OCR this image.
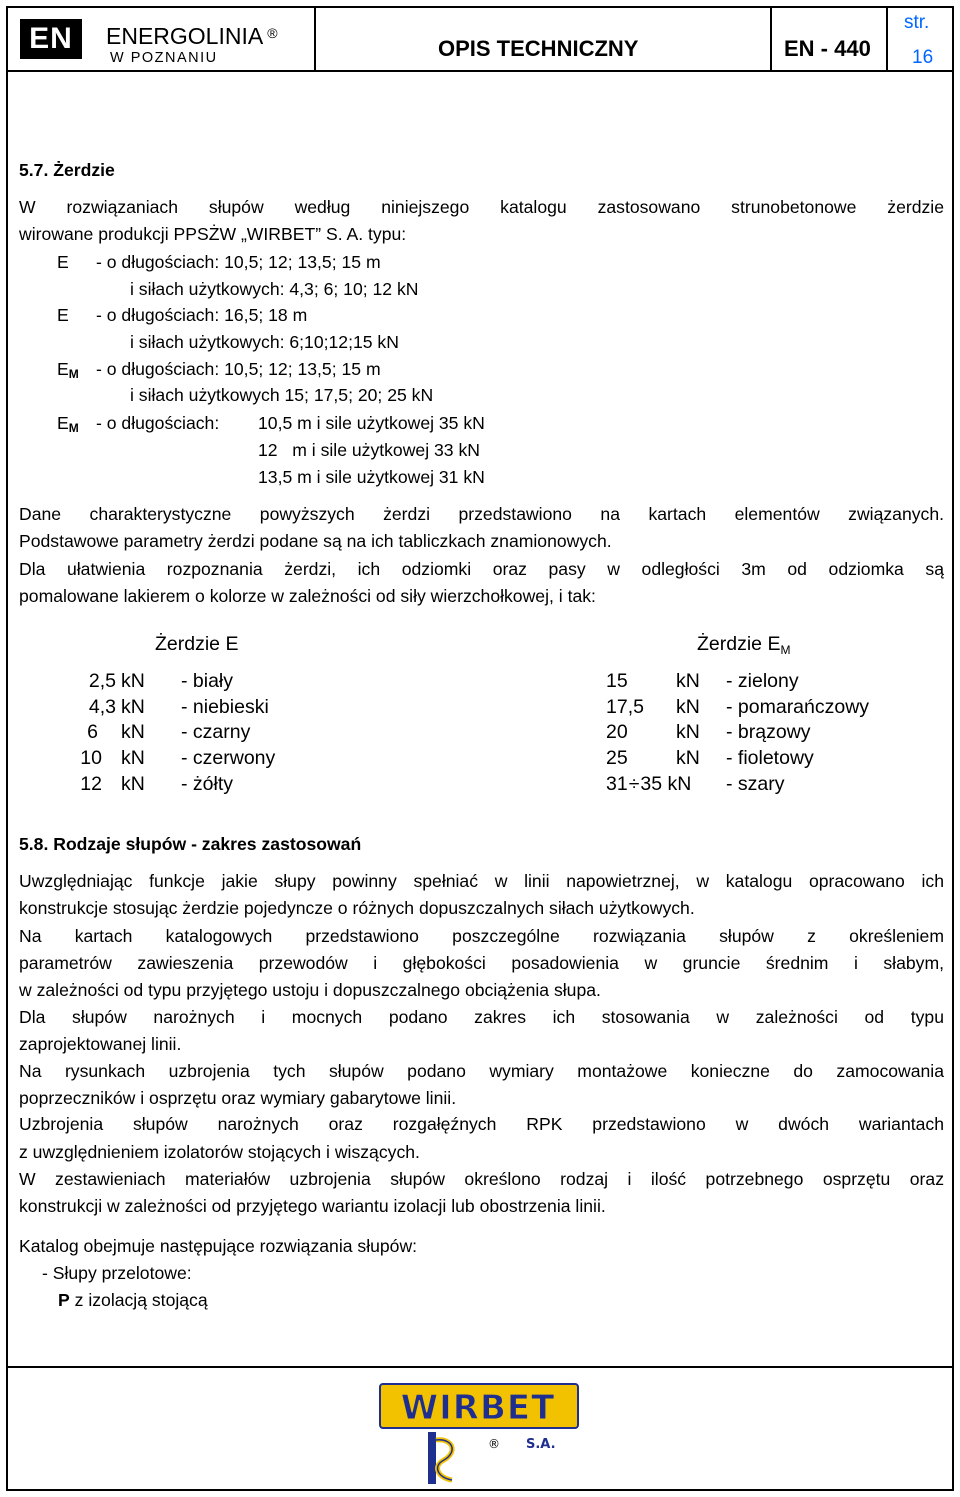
EN	ENERGOLINIA ®
W POZNANIU	OPIS TECHNICZNY	EN - 440
str.
16
5.7. Żerdzie
W rozwiązaniach słupów według niniejszego katalogu zastosowano strunobetonowe żerdzie
wirowane produkcji PPSŻW „WIRBET” S. A. typu:
E - o długościach: 10,5; 12; 13,5; 15 m
i siłach użytkowych: 4,3; 6; 10; 12 kN
E - o długościach: 16,5; 18 m
i siłach użytkowych: 6;10;12;15 kN
$E_M$ - o długościach: 10,5; 12; 13,5; 15 m
i siłach użytkowych 15; 17,5; 20; 25 kN
$E_M$ - o długościach: 10,5 m i sile użytkowej 35 kN
12   m i sile użytkowej 33 kN
13,5 m i sile użytkowej 31 kN
Dane charakterystyczne powyższych żerdzi przedstawiono na kartach elementów związanych.
Podstawowe parametry żerdzi podane są na ich tabliczkach znamionowych.
Dla ułatwienia rozpoznania żerdzi, ich odziomki oraz pasy w odległości 3m od odziomka są
pomalowane lakierem o kolorze w zależności od siły wierzchołkowej, i tak:
Żerdzie E	Żerdzie $E_M$
2,5 kN - biały
4,3 kN - niebieski
6 kN - czarny
10 kN - czerwony
12 kN - żółty
15 kN - zielony
17,5 kN - pomarańczowy
20 kN - brązowy
25 kN - fioletowy
31÷35 kN - szary
5.8. Rodzaje słupów - zakres zastosowań
Uwzględniając funkcje jakie słupy powinny spełniać w linii napowietrznej, w katalogu opracowano ich
konstrukcje stosując żerdzie pojedyncze o różnych dopuszczalnych siłach użytkowych.
Na kartach katalogowych przedstawiono poszczególne rozwiązania słupów z określeniem
parametrów zawieszenia przewodów i głębokości posadowienia w gruncie średnim i słabym,
w zależności od typu przyjętego ustoju i dopuszczalnego obciążenia słupa.
Dla słupów narożnych i mocnych podano zakres ich stosowania w zależności od typu
zaprojektowanej linii.
Na rysunkach uzbrojenia tych słupów podano wymiary montażowe konieczne do zamocowania
poprzeczników i osprzętu oraz wymiary gabarytowe linii.
Uzbrojenia słupów narożnych oraz rozgałęźnych RPK przedstawiono w dwóch wariantach
z uwzględnieniem izolatorów stojących i wiszących.
W zestawieniach materiałów uzbrojenia słupów określono rodzaj i ilość potrzebnego osprzętu oraz
konstrukcji w zależności od przyjętego wariantu izolacji lub obostrzenia linii.
Katalog obejmuje następujące rozwiązania słupów:
- Słupy przelotowe:
P z izolacją stojącą
WIRBET
S.A.
®
